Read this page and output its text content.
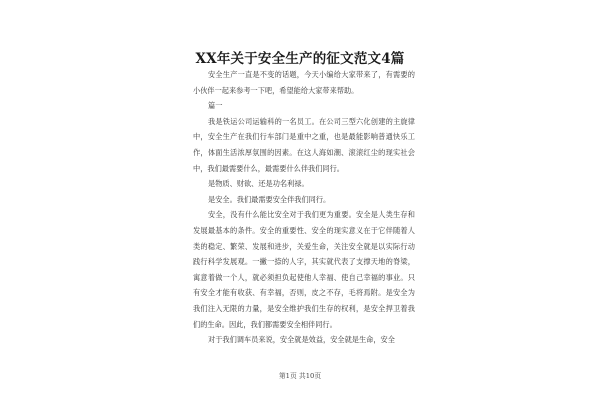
XX年关于安全生产的征文范文4篇

安全生产一直是不变的话题，今天小编给大家带来了，有需要的小伙伴一起来参考一下吧，希望能给大家带来帮助。

篇一

我是铁运公司运输科的一名员工。在公司三型六化创建的主旋律中，安全生产在我们行车部门是重中之重，也是最能影响普通快乐工作，体面生活浓厚氛围的因素。在这人海如潮、滚滚红尘的现实社会中，我们最需要什么，最需要什么伴我们同行。

是物质、财欲、还是功名利禄。

是安全。我们最需要安全伴我们同行。

安全，没有什么能比安全对于我们更为重要。安全是人类生存和发展最基本的条件。安全的重要性、安全的现实意义在于它伴随着人类的稳定、繁荣、发展和进步，关爱生命，关注安全就是以实际行动践行科学发展观。一撇一捺的人字，其实就代表了支撑天地的脊梁，寓意着做一个人，就必须担负起使他人幸福、使自己幸福的事业。只有安全才能有收获、有幸福，否则，皮之不存，毛将焉附。是安全为我们注入无限的力量，是安全维护我们生存的权利，是安全捍卫着我们的生命。因此，我们都需要安全相伴同行。

对于我们调车员来说，安全就是效益，安全就是生命，安全

第1页 共10页
